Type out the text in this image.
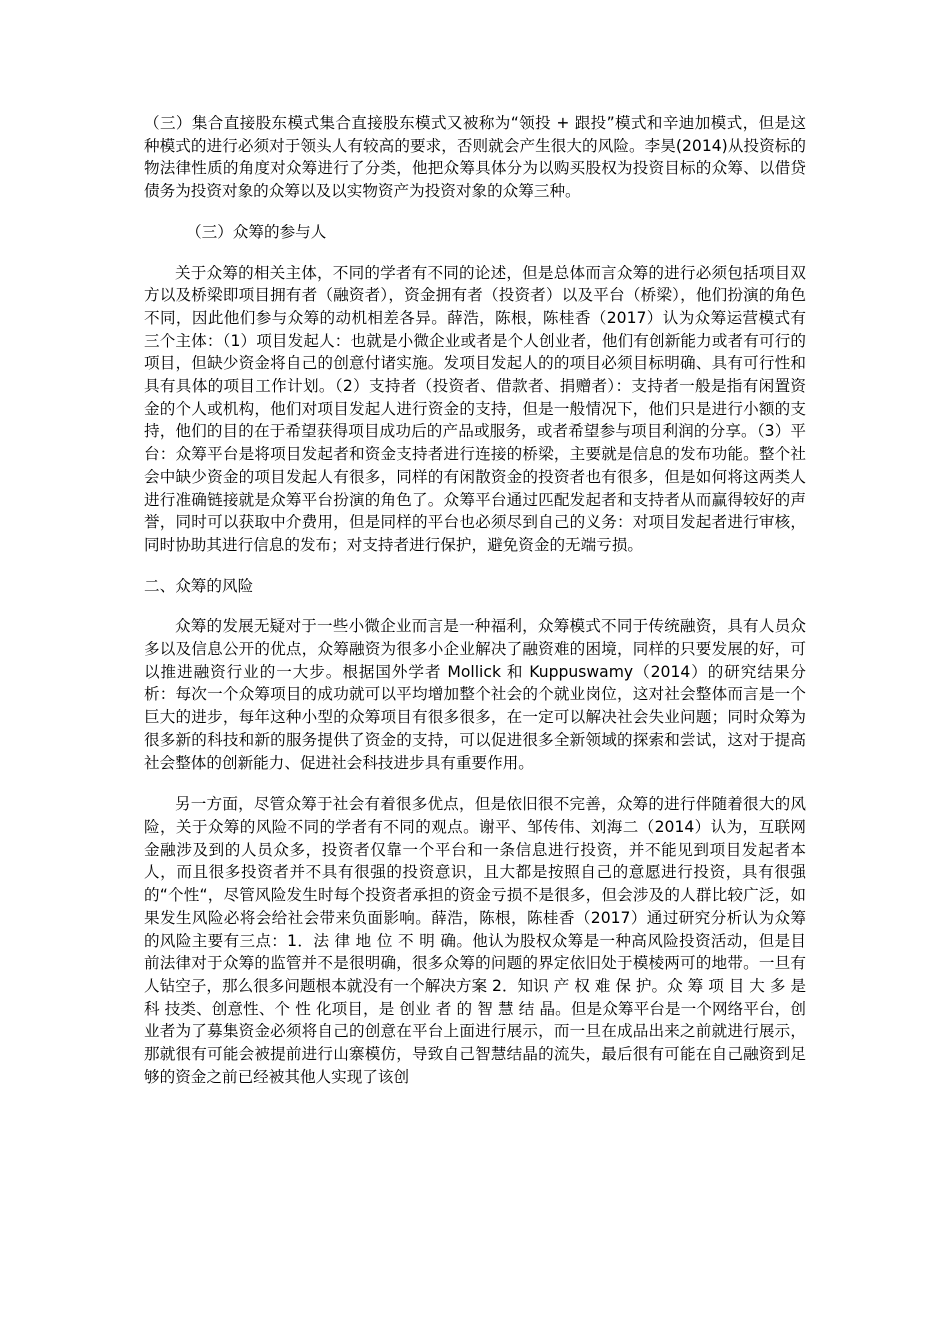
（三）集合直接股东模式集合直接股东模式又被称为“领投 + 跟投”模式和辛迪加模式，但是这种模式的进行必须对于领头人有较高的要求，否则就会产生很大的风险。李昊(2014)从投资标的物法律性质的角度对众筹进行了分类，他把众筹具体分为以购买股权为投资目标的众筹、以借贷债务为投资对象的众筹以及以实物资产为投资对象的众筹三种。

（三）众筹的参与人

关于众筹的相关主体，不同的学者有不同的论述，但是总体而言众筹的进行必须包括项目双方以及桥梁即项目拥有者（融资者），资金拥有者（投资者）以及平台（桥梁），他们扮演的角色不同，因此他们参与众筹的动机相差各异。薛浩，陈根，陈桂香（2017）认为众筹运营模式有三个主体：（1）项目发起人：也就是小微企业或者是个人创业者，他们有创新能力或者有可行的项目，但缺少资金将自己的创意付诸实施。发项目发起人的的项目必须目标明确、具有可行性和具有具体的项目工作计划。（2）支持者（投资者、借款者、捐赠者）：支持者一般是指有闲置资金的个人或机构，他们对项目发起人进行资金的支持，但是一般情况下，他们只是进行小额的支持，他们的目的在于希望获得项目成功后的产品或服务，或者希望参与项目利润的分享。（3）平台：众筹平台是将项目发起者和资金支持者进行连接的桥梁，主要就是信息的发布功能。整个社会中缺少资金的项目发起人有很多，同样的有闲散资金的投资者也有很多，但是如何将这两类人进行准确链接就是众筹平台扮演的角色了。众筹平台通过匹配发起者和支持者从而赢得较好的声誉，同时可以获取中介费用，但是同样的平台也必须尽到自己的义务：对项目发起者进行审核，同时协助其进行信息的发布；对支持者进行保护，避免资金的无端亏损。

二、众筹的风险

众筹的发展无疑对于一些小微企业而言是一种福利，众筹模式不同于传统融资，具有人员众多以及信息公开的优点，众筹融资为很多小企业解决了融资难的困境，同样的只要发展的好，可以推进融资行业的一大步。根据国外学者 Mollick 和 Kuppuswamy（2014）的研究结果分析：每次一个众筹项目的成功就可以平均增加整个社会的个就业岗位，这对社会整体而言是一个巨大的进步，每年这种小型的众筹项目有很多很多，在一定可以解决社会失业问题；同时众筹为很多新的科技和新的服务提供了资金的支持，可以促进很多全新领域的探索和尝试，这对于提高社会整体的创新能力、促进社会科技进步具有重要作用。

另一方面，尽管众筹于社会有着很多优点，但是依旧很不完善，众筹的进行伴随着很大的风险，关于众筹的风险不同的学者有不同的观点。谢平、邹传伟、刘海二（2014）认为，互联网金融涉及到的人员众多，投资者仅靠一个平台和一条信息进行投资，并不能见到项目发起者本人，而且很多投资者并不具有很强的投资意识，且大都是按照自己的意愿进行投资，具有很强的“个性“，尽管风险发生时每个投资者承担的资金亏损不是很多，但会涉及的人群比较广泛，如果发生风险必将会给社会带来负面影响。薛浩，陈根，陈桂香（2017）通过研究分析认为众筹的风险主要有三点：1．法 律 地 位 不 明 确。他认为股权众筹是一种高风险投资活动，但是目前法律对于众筹的监管并不是很明确，很多众筹的问题的界定依旧处于模棱两可的地带。一旦有人钻空子，那么很多问题根本就没有一个解决方案 2．知识 产 权 难 保 护。众 筹 项 目 大 多 是 科 技类、创意性、个 性 化项目，是 创业 者 的 智 慧 结 晶。但是众筹平台是一个网络平台，创业者为了募集资金必须将自己的创意在平台上面进行展示，而一旦在成品出来之前就进行展示，那就很有可能会被提前进行山寨模仿，导致自己智慧结晶的流失，最后很有可能在自己融资到足够的资金之前已经被其他人实现了该创
